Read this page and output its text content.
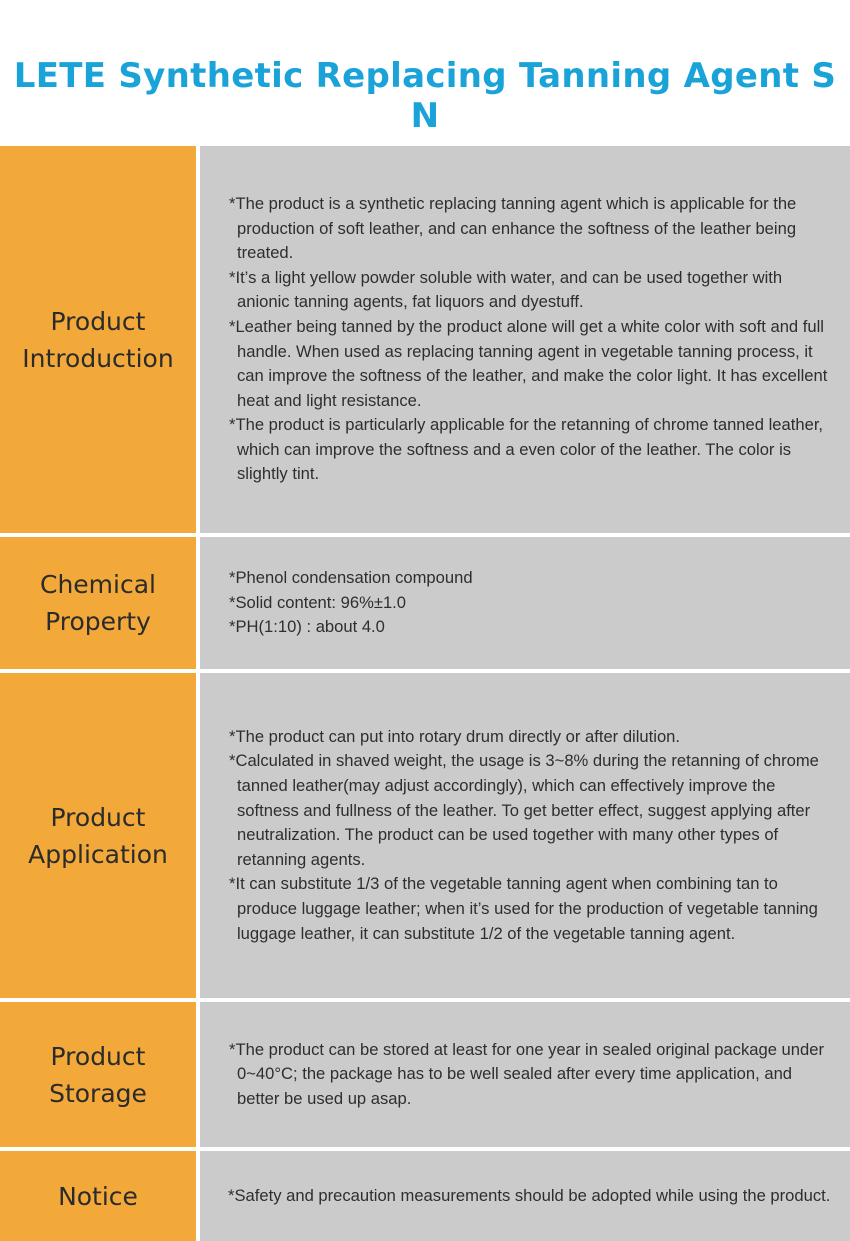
LETE Synthetic Replacing Tanning Agent S N
Product
Introduction

*The product is a synthetic replacing tanning agent which is applicable for the production of soft leather, and can enhance the softness of the leather being treated.

*It’s a light yellow powder soluble with water, and can be used together with anionic tanning agents, fat liquors and dyestuff.

*Leather being tanned by the product alone will get a white color with soft and full handle. When used as replacing tanning agent in vegetable tanning process, it can improve the softness of the leather, and make the color light. It has excellent heat and light resistance.

*The product is particularly applicable for the retanning of chrome tanned leather, which can improve the softness and a even color of the leather. The color is slightly tint.

Chemical
Property

*Phenol condensation compound

*Solid content: 96%±1.0

*PH(1:10) : about 4.0

Product
Application

*The product can put into rotary drum directly or after dilution.

*Calculated in shaved weight, the usage is 3~8% during the retanning of chrome tanned leather(may adjust accordingly), which can effectively improve the softness and fullness of the leather. To get better effect, suggest applying after neutralization. The product can be used together with many other types of retanning agents.

*It can substitute 1/3 of the vegetable tanning agent when combining tan to produce luggage leather; when it’s used for the production of vegetable tanning luggage leather, it can substitute 1/2 of the vegetable tanning agent.

Product
Storage

*The product can be stored at least for one year in sealed original package under 0~40°C; the package has to be well sealed after every time application, and better be used up asap.

Notice	*Safety and precaution measurements should be adopted while using the product.
